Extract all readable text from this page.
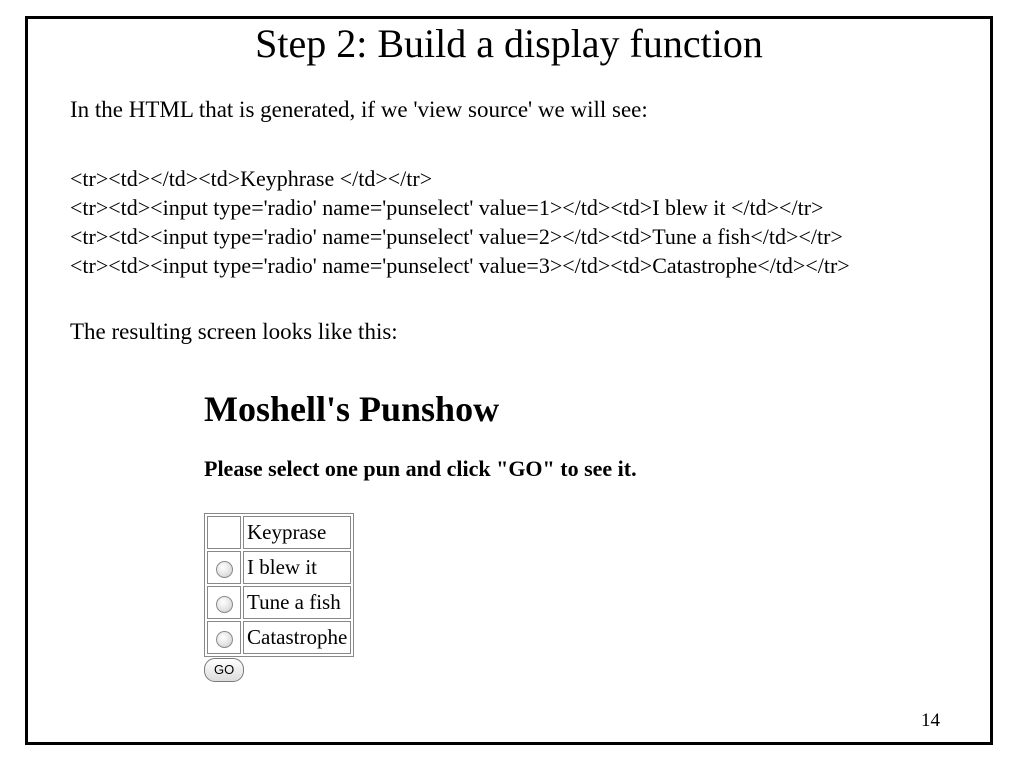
Step 2: Build a display function

In the HTML that is generated, if we 'view source' we will see:

<tr><td></td><td>Keyphrase </td></tr>
<tr><td><input type='radio' name='punselect' value=1></td><td>I blew it </td></tr>
<tr><td><input type='radio' name='punselect' value=2></td><td>Tune a fish</td></tr>
<tr><td><input type='radio' name='punselect' value=3></td><td>Catastrophe</td></tr>

The resulting screen looks like this:

Moshell's Punshow

Please select one pun and click "GO" to see it.

	Keyprase
	I blew it
	Tune a fish
	Catastrophe
GO
14
